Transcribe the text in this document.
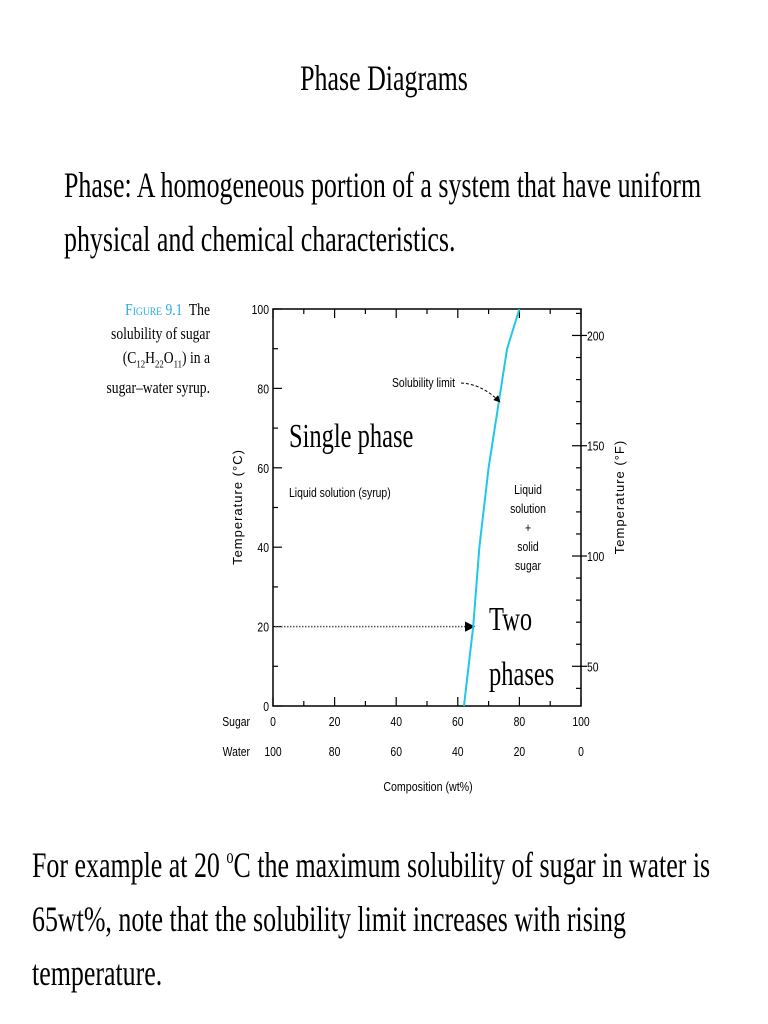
Phase Diagrams
Phase: A homogeneous portion of a system that have uniform
physical and chemical characteristics.
Figure 9.1 The
solubility of sugar
$(C_{12}H_{22}O_{11})$ in a
sugar–water syrup.
0	20	40	60	80	100
100	80	60	40	20	0
Sugar
Water
0
20
40
60
80
100
50
100
150
200
Solubility limit
Single phase
Liquid solution (syrup)	Liquid
solution
+
solid
sugar
Two
phases
Composition (wt%)
Temperature (°C)	Temperature (°F)
For example at 20 $^o$C the maximum solubility of sugar in water is
65wt%, note that the solubility limit increases with rising
temperature.
